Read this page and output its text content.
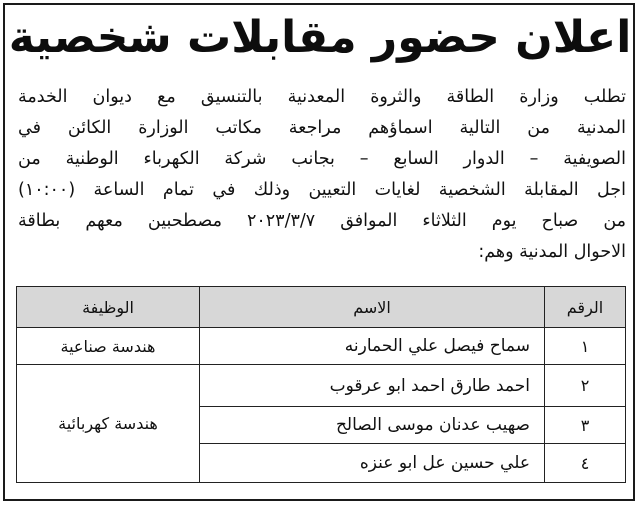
اعلان حضور مقابلات شخصية
تطلب وزارة الطاقة والثروة المعدنية بالتنسيق مع ديوان الخدمة
المدنية من التالية اسماؤهم مراجعة مكاتب الوزارة الكائن في
الصويفية – الدوار السابع – بجانب شركة الكهرباء الوطنية من
اجل المقابلة الشخصية لغايات التعيين وذلك في تمام الساعة (١٠:٠٠)
من صباح يوم الثلاثاء الموافق ٢٠٢٣/٣/٧ مصطحبين معهم بطاقة
الاحوال المدنية وهم:
الرقم	الاسم	الوظيفة
١	سماح فيصل علي الحمارنه	هندسة صناعية
٢	احمد طارق احمد ابو عرقوب	هندسة كهربائية
٣	صهيب عدنان موسى الصالح	
٤	علي حسين عل ابو عنزه	
